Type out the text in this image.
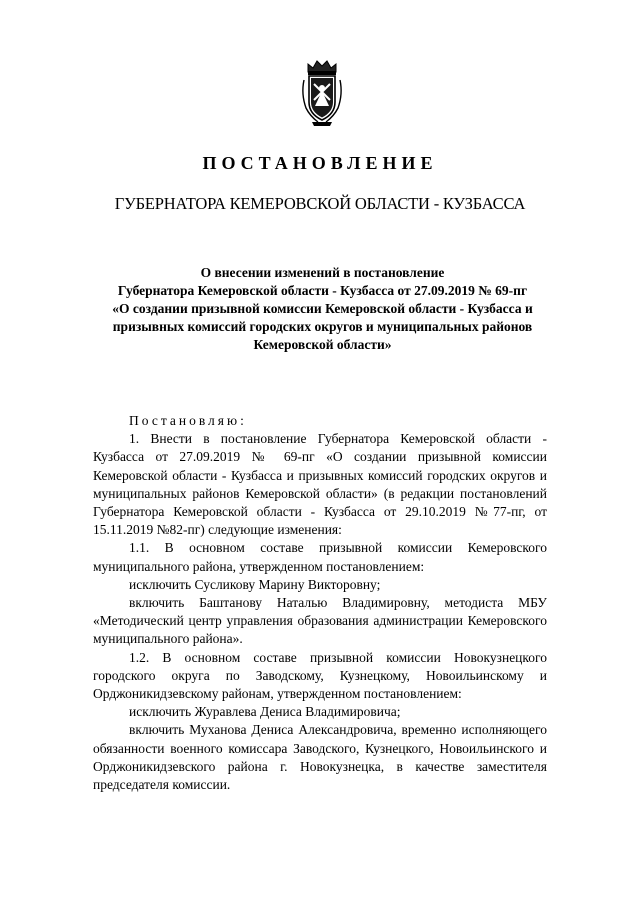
ПОСТАНОВЛЕНИЕ
ГУБЕРНАТОРА КЕМЕРОВСКОЙ ОБЛАСТИ - КУЗБАССА
О внесении изменений в постановление
Губернатора Кемеровской области - Кузбасса от 27.09.2019 № 69-пг
«О создании призывной комиссии Кемеровской области - Кузбасса и
призывных комиссий городских округов и муниципальных районов
Кемеровской области»
Постановляю:
1. Внести в постановление Губернатора Кемеровской области -
Кузбасса от 27.09.2019 № 69-пг «О создании призывной комиссии
Кемеровской области - Кузбасса и призывных комиссий городских округов и
муниципальных районов Кемеровской области» (в редакции постановлений
Губернатора Кемеровской области - Кузбасса от 29.10.2019 №77-пг, от
15.11.2019 №82-пг) следующие изменения:
1.1. В основном составе призывной комиссии Кемеровского
муниципального района, утвержденном постановлением:
исключить Сусликову Марину Викторовну;
включить Баштанову Наталью Владимировну, методиста МБУ
«Методический центр управления образования администрации Кемеровского
муниципального района».
1.2. В основном составе призывной комиссии Новокузнецкого
городского округа по Заводскому, Кузнецкому, Новоильинскому и
Орджоникидзевскому районам, утвержденном постановлением:
исключить Журавлева Дениса Владимировича;
включить Муханова Дениса Александровича, временно исполняющего
обязанности военного комиссара Заводского, Кузнецкого, Новоильинского и
Орджоникидзевского района г. Новокузнецка, в качестве заместителя
председателя комиссии.
